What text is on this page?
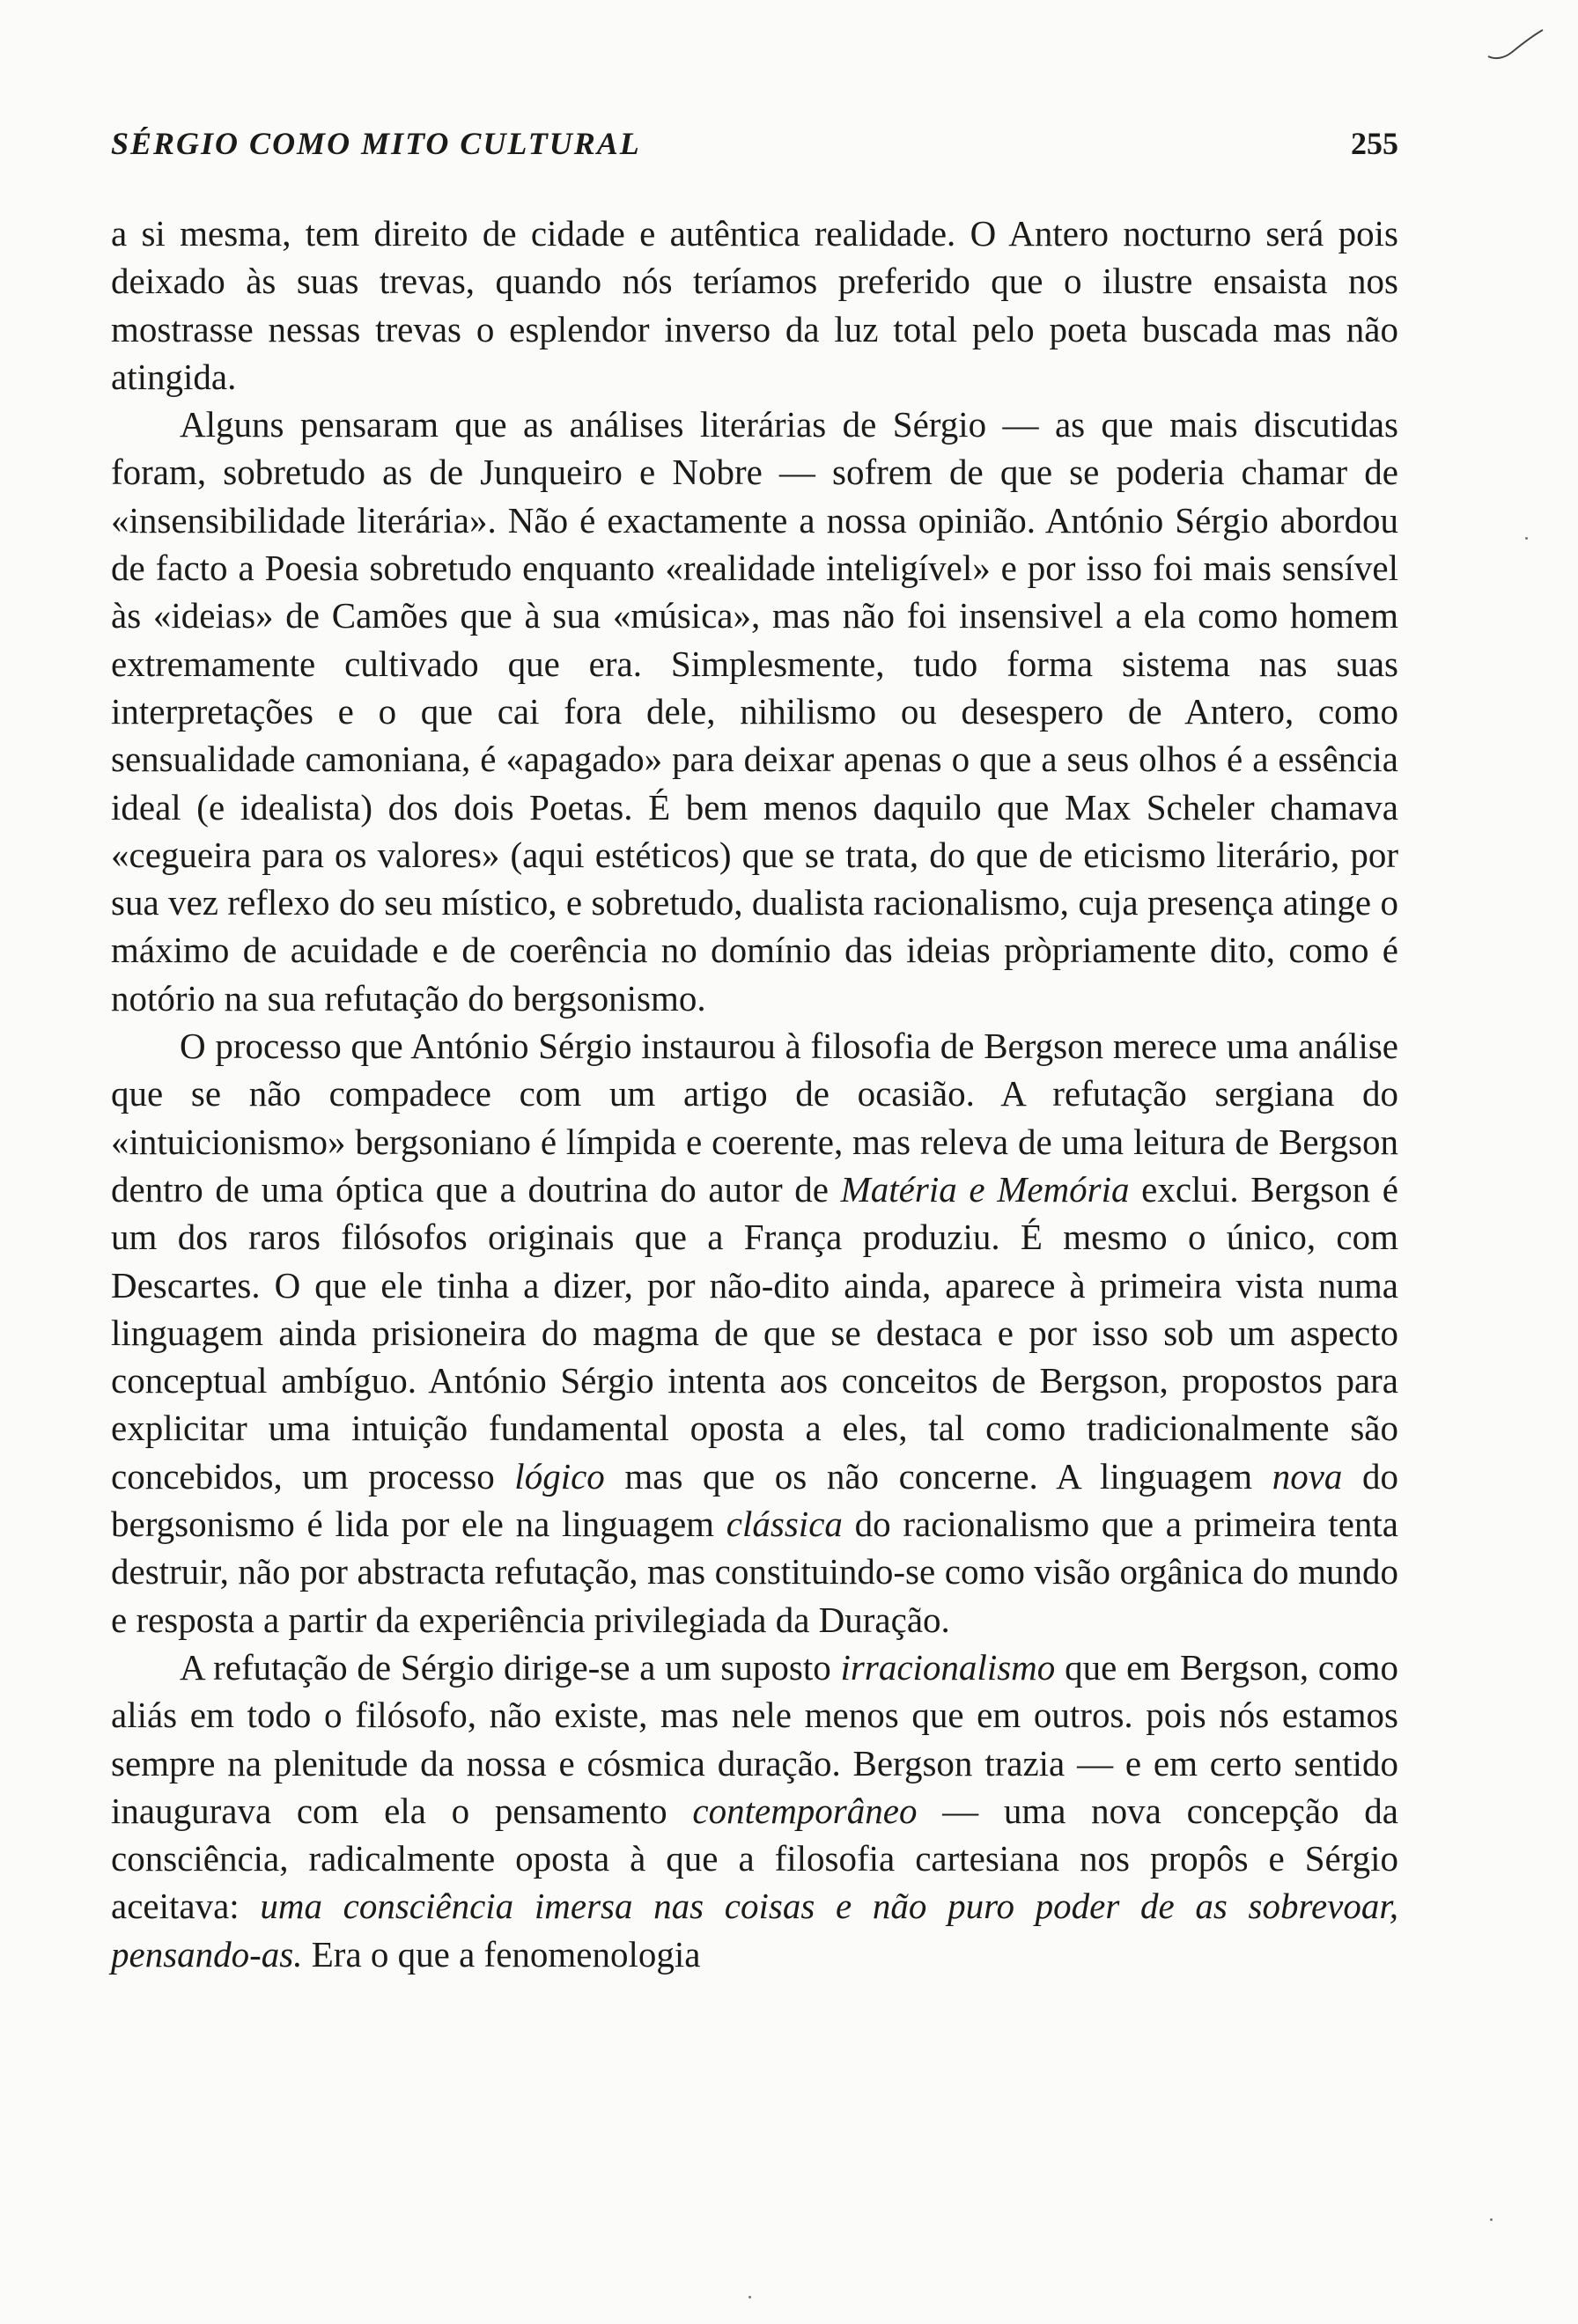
SÉRGIO COMO MITO CULTURAL	255

a si mesma, tem direito de cidade e autêntica realidade. O Antero nocturno será pois deixado às suas trevas, quando nós teríamos preferido que o ilustre ensaista nos mostrasse nessas trevas o esplendor inverso da luz total pelo poeta buscada mas não atingida.

Alguns pensaram que as análises literárias de Sérgio — as que mais discutidas foram, sobretudo as de Junqueiro e Nobre — sofrem de que se poderia chamar de «insensibilidade literária». Não é exactamente a nossa opinião. António Sérgio abordou de facto a Poesia sobretudo enquanto «realidade inteligível» e por isso foi mais sensível às «ideias» de Camões que à sua «música», mas não foi insensivel a ela como homem extremamente cultivado que era. Simplesmente, tudo forma sistema nas suas interpretações e o que cai fora dele, nihilismo ou desespero de Antero, como sensualidade camoniana, é «apagado» para deixar apenas o que a seus olhos é a essência ideal (e idealista) dos dois Poetas. É bem menos daquilo que Max Scheler chamava «cegueira para os valores» (aqui estéticos) que se trata, do que de eticismo literário, por sua vez reflexo do seu místico, e sobretudo, dualista racionalismo, cuja presença atinge o máximo de acuidade e de coerência no domínio das ideias pròpriamente dito, como é notório na sua refutação do bergsonismo.

O processo que António Sérgio instaurou à filosofia de Bergson merece uma análise que se não compadece com um artigo de ocasião. A refutação sergiana do «intuicionismo» bergsoniano é límpida e coerente, mas releva de uma leitura de Bergson dentro de uma óptica que a doutrina do autor de Matéria e Memória exclui. Bergson é um dos raros filósofos originais que a França produziu. É mesmo o único, com Descartes. O que ele tinha a dizer, por não-dito ainda, aparece à primeira vista numa linguagem ainda prisioneira do magma de que se destaca e por isso sob um aspecto conceptual ambíguo. António Sérgio intenta aos conceitos de Bergson, propostos para explicitar uma intuição fundamental oposta a eles, tal como tradicionalmente são concebidos, um processo lógico mas que os não concerne. A linguagem nova do bergsonismo é lida por ele na linguagem clássica do racionalismo que a primeira tenta destruir, não por abstracta refutação, mas constituindo-se como visão orgânica do mundo e resposta a partir da experiência privilegiada da Duração.

A refutação de Sérgio dirige-se a um suposto irracionalismo que em Bergson, como aliás em todo o filósofo, não existe, mas nele menos que em outros. pois nós estamos sempre na plenitude da nossa e cósmica duração. Bergson trazia — e em certo sentido inaugurava com ela o pensamento contemporâneo — uma nova concepção da consciência, radicalmente oposta à que a filosofia cartesiana nos propôs e Sérgio aceitava: uma consciência imersa nas coisas e não puro poder de as sobrevoar, pensando-as. Era o que a fenomenologia
